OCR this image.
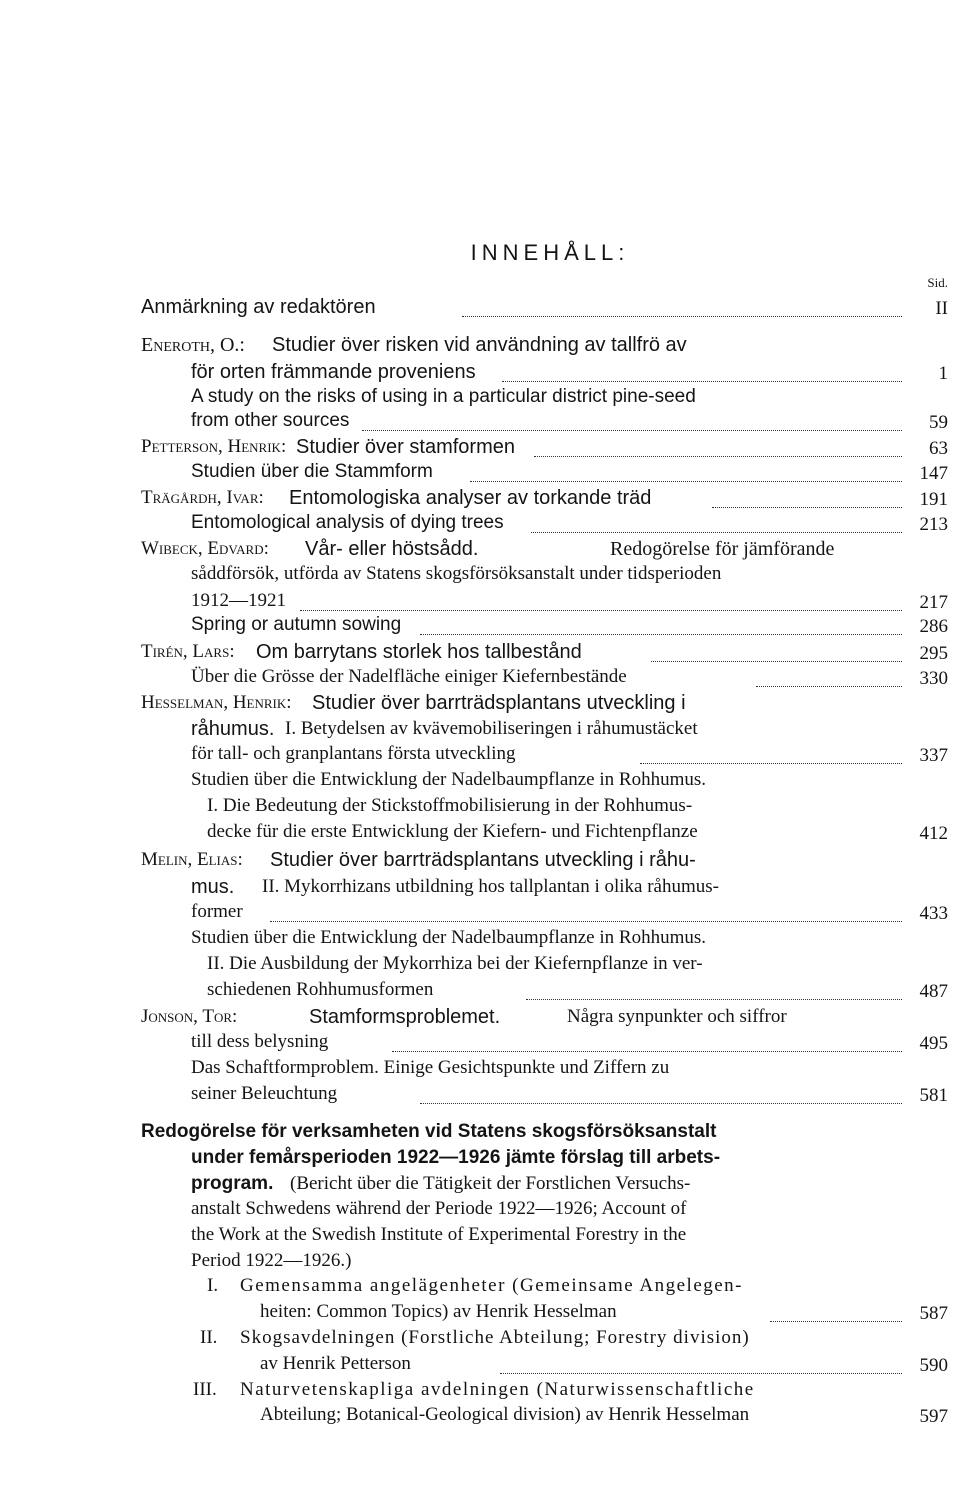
INNEHÅLL:
Sid.
Anmärkning av redaktören	II
Eneroth, O.: Studier över risken vid användning av tallfrö av
för orten främmande proveniens	1
A study on the risks of using in a particular district pine-seed
from other sources	59
Petterson, Henrik: Studier över stamformen	63
Studien über die Stammform	147
Trägårdh, Ivar: Entomologiska analyser av torkande träd	191
Entomological analysis of dying trees	213
Wibeck, Edvard: Vår- eller höstsådd.	Redogörelse för jämförande
såddförsök, utförda av Statens skogsförsöksanstalt under tidsperioden
1912—1921	217
Spring or autumn sowing	286
Tirén, Lars: Om barrytans storlek hos tallbestånd	295
Über die Grösse der Nadelfläche einiger Kiefernbestände	330
Hesselman, Henrik: Studier över barrträdsplantans utveckling i
råhumus. I. Betydelsen av kvävemobiliseringen i råhumustäcket
för tall- och granplantans första utveckling	337
Studien über die Entwicklung der Nadelbaumpflanze in Rohhumus.
I. Die Bedeutung der Stickstoffmobilisierung in der Rohhumus-
decke für die erste Entwicklung der Kiefern- und Fichtenpflanze	412
Melin, Elias: Studier över barrträdsplantans utveckling i råhu-
mus. II. Mykorrhizans utbildning hos tallplantan i olika råhumus-
former	433
Studien über die Entwicklung der Nadelbaumpflanze in Rohhumus.
II. Die Ausbildung der Mykorrhiza bei der Kiefernpflanze in ver-
schiedenen Rohhumusformen	487
Jonson, Tor:	Stamformsproblemet.	Några synpunkter och siffror
till dess belysning	495
Das Schaftformproblem. Einige Gesichtspunkte und Ziffern zu
seiner Beleuchtung	581
Redogörelse för verksamheten vid Statens skogsförsöksanstalt
under femårsperioden 1922—1926 jämte förslag till arbets-
program. (Bericht über die Tätigkeit der Forstlichen Versuchs-
anstalt Schwedens während der Periode 1922—1926; Account of
the Work at the Swedish Institute of Experimental Forestry in the
Period 1922—1926.)
I. Gemensamma angelägenheter (Gemeinsame Angelegen-
heiten: Common Topics) av Henrik Hesselman	587
II. Skogsavdelningen (Forstliche Abteilung; Forestry division)
av Henrik Petterson	590
III. Naturvetenskapliga avdelningen (Naturwissenschaftliche
Abteilung; Botanical-Geological division) av Henrik Hesselman	597
